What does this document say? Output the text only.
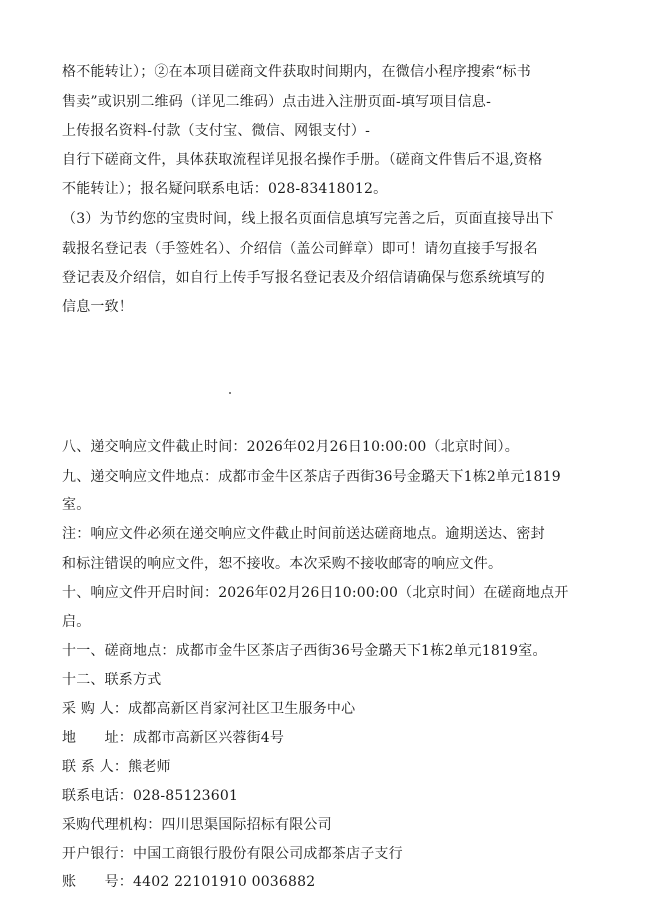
格不能转让）；②在本项目磋商文件获取时间期内，在微信小程序搜索“标书
售卖”或识别二维码（详见二维码）点击进入注册页面-填写项目信息-
上传报名资料-付款（支付宝、微信、网银支付）-
自行下磋商文件，具体获取流程详见报名操作手册。（磋商文件售后不退,资格
不能转让）；报名疑问联系电话：028-83418012。
（3）为节约您的宝贵时间，线上报名页面信息填写完善之后，页面直接导出下
载报名登记表（手签姓名）、介绍信（盖公司鲜章）即可！请勿直接手写报名
登记表及介绍信，如自行上传手写报名登记表及介绍信请确保与您系统填写的
信息一致！
八、递交响应文件截止时间：2026年02月26日10:00:00（北京时间）。
九、递交响应文件地点：成都市金牛区茶店子西街36号金璐天下1栋2单元1819
室。
注：响应文件必须在递交响应文件截止时间前送达磋商地点。逾期送达、密封
和标注错误的响应文件，恕不接收。本次采购不接收邮寄的响应文件。
十、响应文件开启时间：2026年02月26日10:00:00（北京时间）在磋商地点开
启。
十一、磋商地点：成都市金牛区茶店子西街36号金璐天下1栋2单元1819室。
十二、联系方式
采 购 人：成都高新区肖家河社区卫生服务中心
地　　址：成都市高新区兴蓉街4号
联 系 人：熊老师
联系电话：028-85123601
采购代理机构：四川思渠国际招标有限公司
开户银行：中国工商银行股份有限公司成都茶店子支行
账　　号：4402 22101910 0036882
